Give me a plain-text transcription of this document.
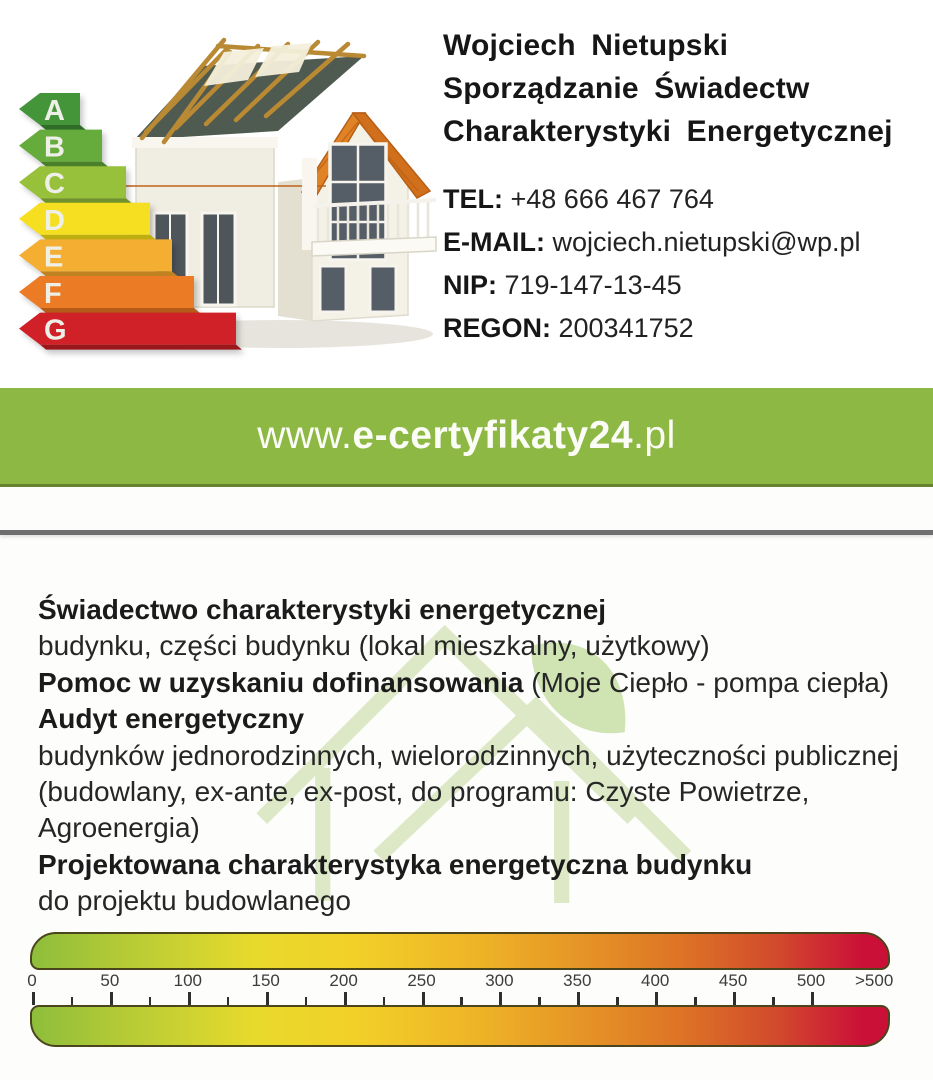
A
B
C
D
E
F
G
Wojciech Nietupski
Sporządzanie Świadectw
Charakterystyki Energetycznej
TEL: +48 666 467 764
E-MAIL: wojciech.nietupski@wp.pl
NIP: 719-147-13-45
REGON: 200341752
www.e-certyfikaty24.pl
Świadectwo charakterystyki energetycznej
budynku, części budynku (lokal mieszkalny, użytkowy)
Pomoc w uzyskaniu dofinansowania (Moje Ciepło - pompa ciepła)
Audyt energetyczny
budynków jednorodzinnych, wielorodzinnych, użyteczności publicznej
(budowlany, ex-ante, ex-post, do programu: Czyste Powietrze,
Agroenergia)
Projektowana charakterystyka energetyczna budynku
do projektu budowlanego
0	50	100	150	200	250	300	350	400	450	500 >500
